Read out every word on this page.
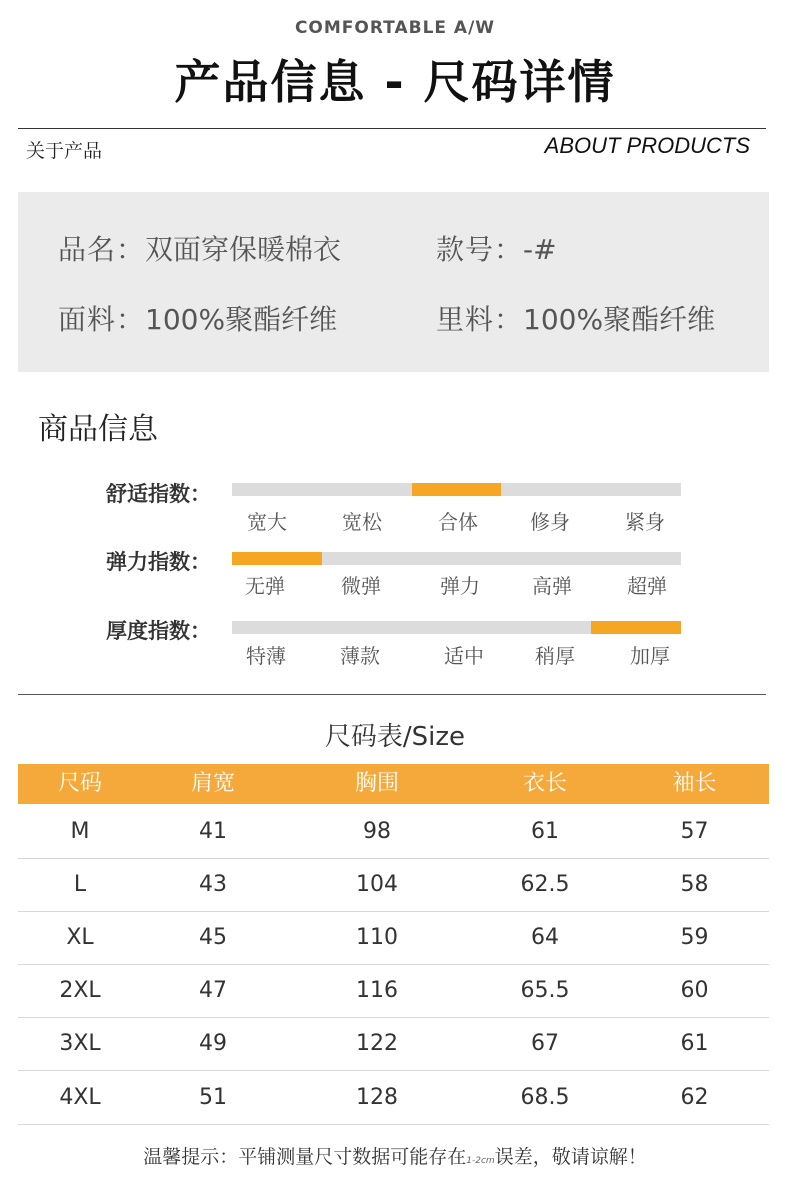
COMFORTABLE A/W
产品信息 - 尺码详情
关于产品	ABOUT PRODUCTS
品名：双面穿保暖棉衣	款号：-#
面料：100%聚酯纤维	里料：100%聚酯纤维
商品信息
舒适指数：
宽大	宽松	合体	修身	紧身
弹力指数：
无弹	微弹	弹力	高弹	超弹
厚度指数：
特薄	薄款	适中	稍厚	加厚
尺码表/Size
尺码	肩宽	胸围	衣长	袖长
M	41	98	61	57
L	43	104	62.5	58
XL	45	110	64	59
2XL	47	116	65.5	60
3XL	49	122	67	61
4XL	51	128	68.5	62
温馨提示：平铺测量尺寸数据可能存在1-2cm误差，敬请谅解！
